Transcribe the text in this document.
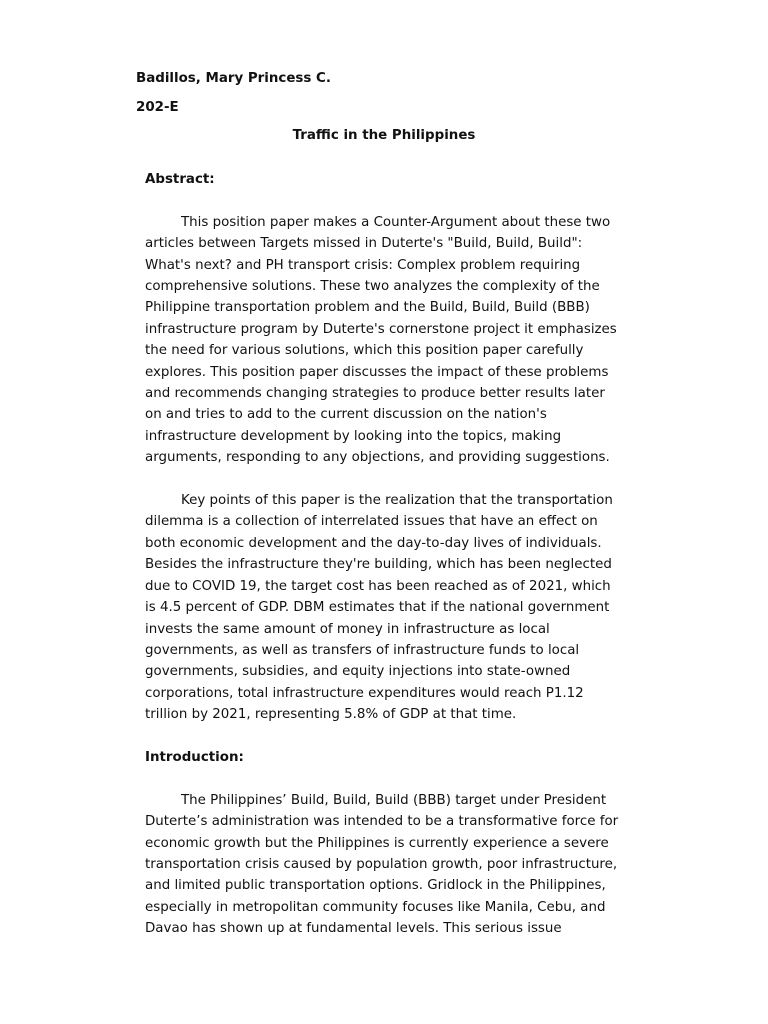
Badillos, Mary Princess C.

202-E

Traffic in the Philippines

Abstract:

This position paper makes a Counter-Argument about these two
articles between Targets missed in Duterte's "Build, Build, Build":
What's next? and PH transport crisis: Complex problem requiring
comprehensive solutions. These two analyzes the complexity of the
Philippine transportation problem and the Build, Build, Build (BBB)
infrastructure program by Duterte's cornerstone project it emphasizes
the need for various solutions, which this position paper carefully
explores. This position paper discusses the impact of these problems
and recommends changing strategies to produce better results later
on and tries to add to the current discussion on the nation's
infrastructure development by looking into the topics, making
arguments, responding to any objections, and providing suggestions.

Key points of this paper is the realization that the transportation
dilemma is a collection of interrelated issues that have an effect on
both economic development and the day-to-day lives of individuals.
Besides the infrastructure they're building, which has been neglected
due to COVID 19, the target cost has been reached as of 2021, which
is 4.5 percent of GDP. DBM estimates that if the national government
invests the same amount of money in infrastructure as local
governments, as well as transfers of infrastructure funds to local
governments, subsidies, and equity injections into state-owned
corporations, total infrastructure expenditures would reach P1.12
trillion by 2021, representing 5.8% of GDP at that time.

Introduction:

The Philippines’ Build, Build, Build (BBB) target under President
Duterte’s administration was intended to be a transformative force for
economic growth but the Philippines is currently experience a severe
transportation crisis caused by population growth, poor infrastructure,
and limited public transportation options. Gridlock in the Philippines,
especially in metropolitan community focuses like Manila, Cebu, and
Davao has shown up at fundamental levels. This serious issue
